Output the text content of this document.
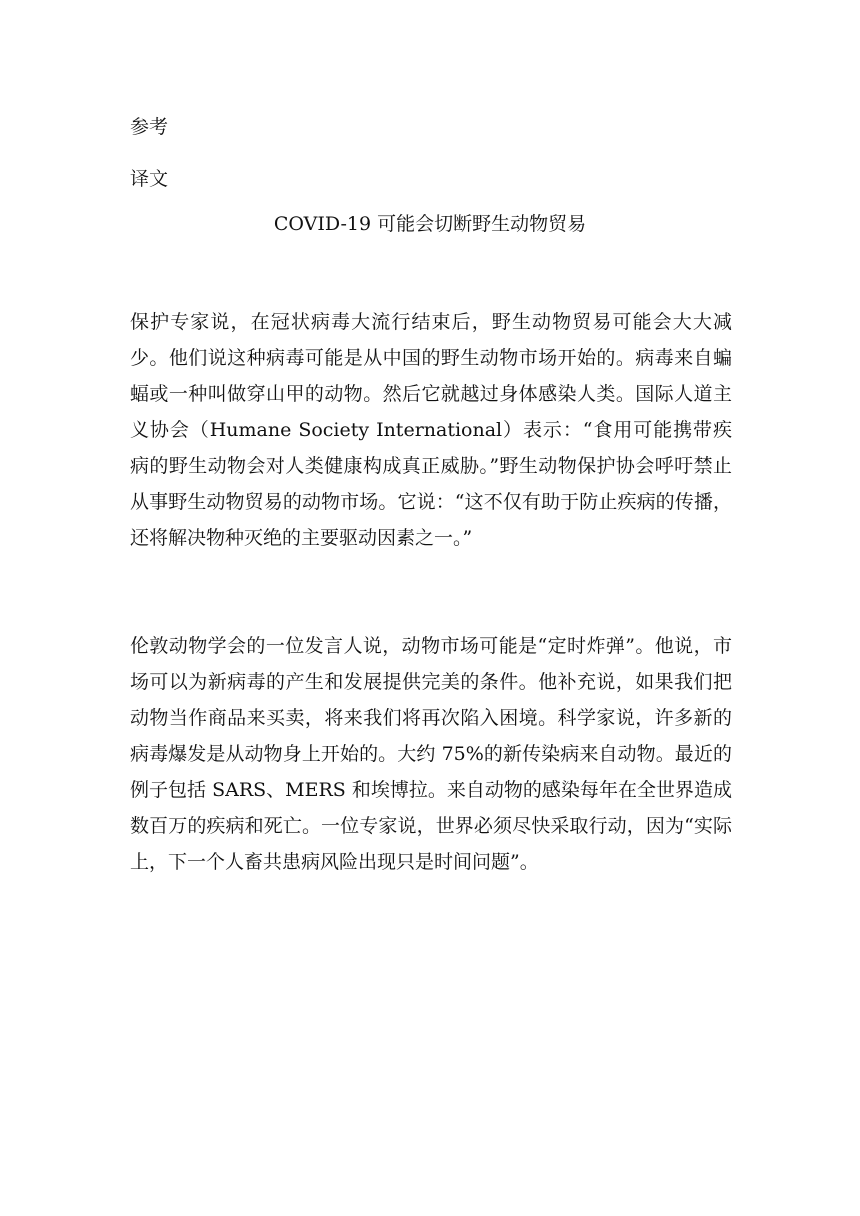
参考

译文

COVID-19 可能会切断野生动物贸易

保护专家说，在冠状病毒大流行结束后，野生动物贸易可能会大大减少。他们说这种病毒可能是从中国的野生动物市场开始的。病毒来自蝙蝠或一种叫做穿山甲的动物。然后它就越过身体感染人类。国际人道主义协会（Humane Society International）表示：“食用可能携带疾病的野生动物会对人类健康构成真正威胁。”野生动物保护协会呼吁禁止从事野生动物贸易的动物市场。它说：“这不仅有助于防止疾病的传播，还将解决物种灭绝的主要驱动因素之一。”

伦敦动物学会的一位发言人说，动物市场可能是“定时炸弹”。他说，市场可以为新病毒的产生和发展提供完美的条件。他补充说，如果我们把动物当作商品来买卖，将来我们将再次陷入困境。科学家说，许多新的病毒爆发是从动物身上开始的。大约 75%的新传染病来自动物。最近的例子包括 SARS、MERS 和埃博拉。来自动物的感染每年在全世界造成数百万的疾病和死亡。一位专家说，世界必须尽快采取行动，因为“实际上，下一个人畜共患病风险出现只是时间问题”。
